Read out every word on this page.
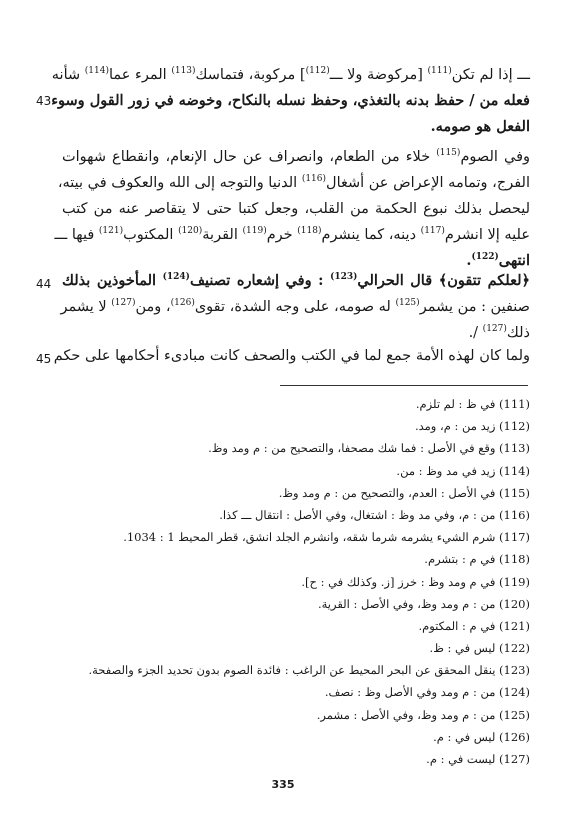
43
44
45
ـــ إذا لم تكن$^{(111)}$ [مركوضة ولا ـــ$^{(112)}$] مركوبة، فتماسك$^{(113)}$ المرء عما$^{(114)}$ شأنه
فعله من / حفظ بدنه بالتغذي، وحفظ نسله بالنكاح، وخوضه في زور القول وسوء
الفعل هو صومه.
وفي الصوم$^{(115)}$ خلاء من الطعام، وانصراف عن حال الإنعام، وانقطاع شهوات
الفرج، وتمامه الإعراض عن أشغال$^{(116)}$ الدنيا والتوجه إلى الله والعكوف في بيته،
ليحصل بذلك نبوع الحكمة من القلب، وجعل كتبا حتى لا يتقاصر عنه من كتب
عليه إلا انشرم$^{(117)}$ دينه، كما ينشرم$^{(118)}$ خرم$^{(119)}$ القربة$^{(120)}$ المكتوب$^{(121)}$ فيها ـــ
انتهى$^{(122)}$.
﴿لعلكم تتقون﴾ قال الحرالي$^{(123)}$ : وفي إشعاره تصنيف$^{(124)}$ المأخوذين بذلك
صنفين : من يشمر$^{(125)}$ له صومه، على وجه الشدة، تقوى$^{(126)}$، ومن$^{(127)}$ لا يشمر
ذلك$^{(127)}$ /.
ولما كان لهذه الأمة جمع لما في الكتب والصحف كانت مبادىء أحكامها على حكم
(111) في ظ : لم تلزم.
(112) زيد من : م، ومد.
(113) وقع في الأصل : فما شك مصحفا، والتصحيح من : م ومد وظ.
(114) زيد في مد وظ : من.
(115) في الأصل : العدم، والتصحيح من : م ومد وظ.
(116) من : م، وفي مد وظ : اشتغال، وفي الأصل : انتقال ـــ كذا.
(117) شرم الشيء يشرمه شرما شقه، وانشرم الجلد انشق، قطر المحيط 1 : 1034.
(118) في م : بتشرم.
(119) في م ومد وظ : خرز [ز. وكذلك في : ح].
(120) من : م ومد وظ، وفي الأصل : القرية.
(121) في م : المكتوم.
(122) ليس في : ظ.
(123) ينقل المحقق عن البحر المحيط عن الراغب : فائدة الصوم بدون تحديد الجزء والصفحة.
(124) من : م ومد وفي الأصل وظ : نصف.
(125) من : م ومد وظ، وفي الأصل : مشمر.
(126) ليس في : م.
(127) ليست في : م.
335
